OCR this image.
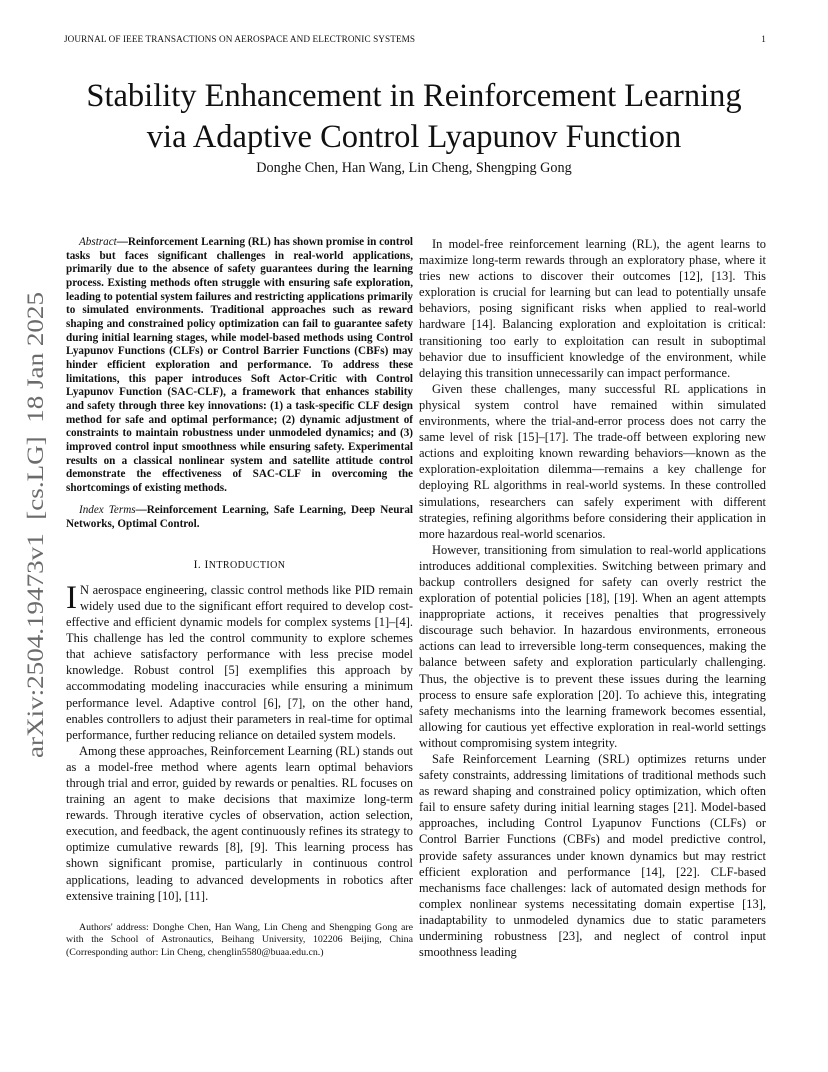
JOURNAL OF IEEE TRANSACTIONS ON AEROSPACE AND ELECTRONIC SYSTEMS	1
arXiv:2504.19473v1  [cs.LG]  18 Jan 2025
Stability Enhancement in Reinforcement Learning
via Adaptive Control Lyapunov Function
Donghe Chen, Han Wang, Lin Cheng, Shengping Gong

Abstract—Reinforcement Learning (RL) has shown promise in control tasks but faces significant challenges in real-world applications, primarily due to the absence of safety guarantees during the learning process. Existing methods often struggle with ensuring safe exploration, leading to potential system failures and restricting applications primarily to simulated environments. Traditional approaches such as reward shaping and constrained policy optimization can fail to guarantee safety during initial learning stages, while model-based methods using Control Lyapunov Functions (CLFs) or Control Barrier Functions (CBFs) may hinder efficient exploration and performance. To address these limitations, this paper introduces Soft Actor-Critic with Control Lyapunov Function (SAC-CLF), a framework that enhances stability and safety through three key innovations: (1) a task-specific CLF design method for safe and optimal performance; (2) dynamic adjustment of constraints to maintain robustness under unmodeled dynamics; and (3) improved control input smoothness while ensuring safety. Experimental results on a classical nonlinear system and satellite attitude control demonstrate the effectiveness of SAC-CLF in overcoming the shortcomings of existing methods.

Index Terms—Reinforcement Learning, Safe Learning, Deep Neural Networks, Optimal Control.

I. INTRODUCTION

I N aerospace engineering, classic control methods like PID remain widely used due to the significant effort required to develop cost-effective and efficient dynamic models for complex systems [1]–[4]. This challenge has led the control community to explore schemes that achieve satisfactory performance with less precise model knowledge. Robust control [5] exemplifies this approach by accommodating modeling inaccuracies while ensuring a minimum performance level. Adaptive control [6], [7], on the other hand, enables controllers to adjust their parameters in real-time for optimal performance, further reducing reliance on detailed system models.

Among these approaches, Reinforcement Learning (RL) stands out as a model-free method where agents learn optimal behaviors through trial and error, guided by rewards or penalties. RL focuses on training an agent to make decisions that maximize long-term rewards. Through iterative cycles of observation, action selection, execution, and feedback, the agent continuously refines its strategy to optimize cumulative rewards [8], [9]. This learning process has shown significant promise, particularly in continuous control applications, leading to advanced developments in robotics after extensive training [10], [11].

Authors' address: Donghe Chen, Han Wang, Lin Cheng and Shengping Gong are with the School of Astronautics, Beihang University, 102206 Beijing, China (Corresponding author: Lin Cheng, chenglin5580@buaa.edu.cn.)

In model-free reinforcement learning (RL), the agent learns to maximize long-term rewards through an exploratory phase, where it tries new actions to discover their outcomes [12], [13]. This exploration is crucial for learning but can lead to potentially unsafe behaviors, posing significant risks when applied to real-world hardware [14]. Balancing exploration and exploitation is critical: transitioning too early to exploitation can result in suboptimal behavior due to insufficient knowledge of the environment, while delaying this transition unnecessarily can impact performance.

Given these challenges, many successful RL applications in physical system control have remained within simulated environments, where the trial-and-error process does not carry the same level of risk [15]–[17]. The trade-off between exploring new actions and exploiting known rewarding behaviors—known as the exploration-exploitation dilemma—remains a key challenge for deploying RL algorithms in real-world systems. In these controlled simulations, researchers can safely experiment with different strategies, refining algorithms before considering their application in more hazardous real-world scenarios.

However, transitioning from simulation to real-world applications introduces additional complexities. Switching between primary and backup controllers designed for safety can overly restrict the exploration of potential policies [18], [19]. When an agent attempts inappropriate actions, it receives penalties that progressively discourage such behavior. In hazardous environments, erroneous actions can lead to irreversible long-term consequences, making the balance between safety and exploration particularly challenging. Thus, the objective is to prevent these issues during the learning process to ensure safe exploration [20]. To achieve this, integrating safety mechanisms into the learning framework becomes essential, allowing for cautious yet effective exploration in real-world settings without compromising system integrity.

Safe Reinforcement Learning (SRL) optimizes returns under safety constraints, addressing limitations of traditional methods such as reward shaping and constrained policy optimization, which often fail to ensure safety during initial learning stages [21]. Model-based approaches, including Control Lyapunov Functions (CLFs) or Control Barrier Functions (CBFs) and model predictive control, provide safety assurances under known dynamics but may restrict efficient exploration and performance [14], [22]. CLF-based mechanisms face challenges: lack of automated design methods for complex nonlinear systems necessitating domain expertise [13], inadaptability to unmodeled dynamics due to static parameters undermining robustness [23], and neglect of control input smoothness leading
